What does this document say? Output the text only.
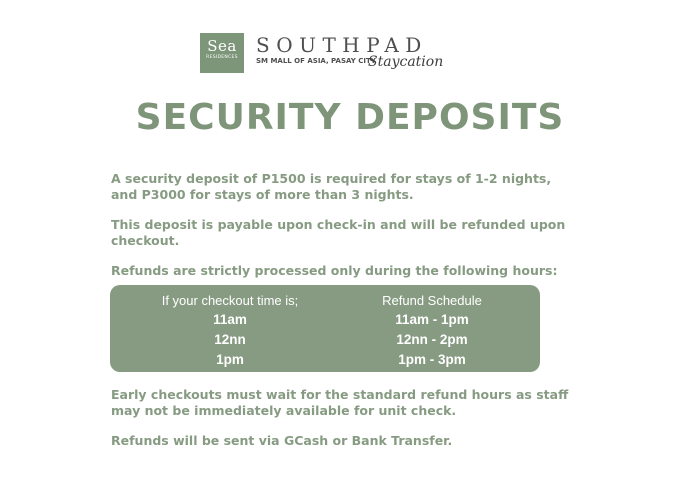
Sea
RESIDENCES
SOUTHPAD
SM MALL OF ASIA, PASAY CITY
Staycation
SECURITY DEPOSITS
A security deposit of P1500 is required for stays of 1-2 nights, and P3000 for stays of more than 3 nights.
This deposit is payable upon check-in and will be refunded upon checkout.
Refunds are strictly processed only during the following hours:
If your checkout time is;
11am
12nn
1pm
Refund Schedule
11am - 1pm
12nn - 2pm
1pm - 3pm
Early checkouts must wait for the standard refund hours as staff may not be immediately available for unit check.
Refunds will be sent via GCash or Bank Transfer.
